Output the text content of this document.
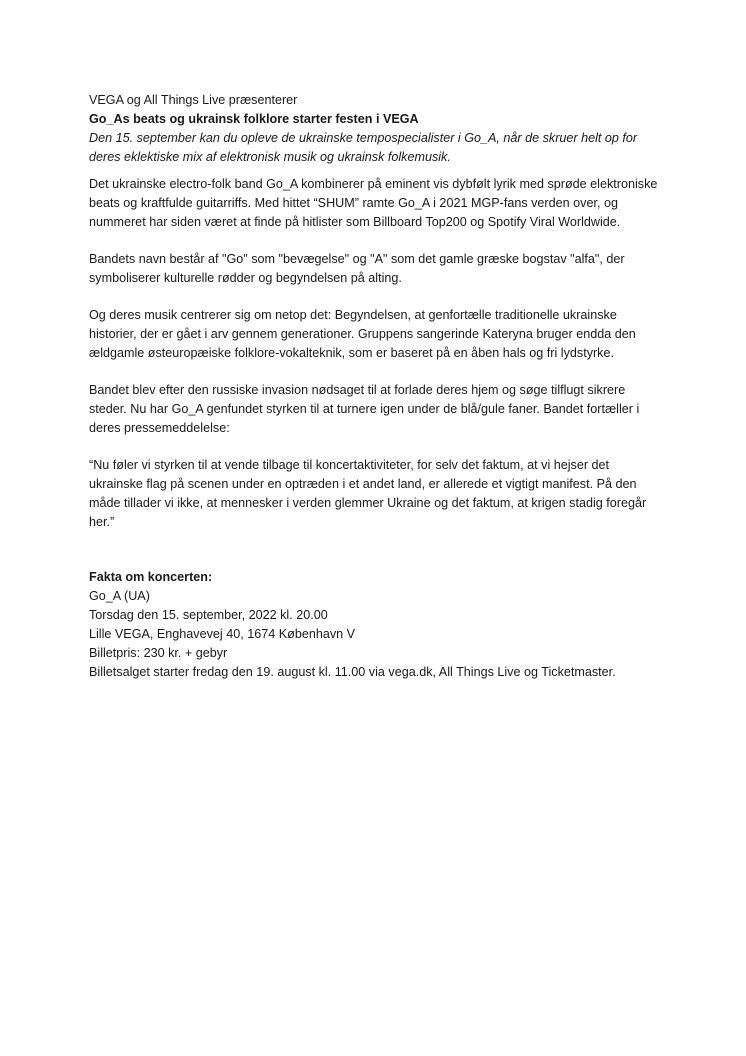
VEGA og All Things Live præsenterer

Go_As beats og ukrainsk folklore starter festen i VEGA

Den 15. september kan du opleve de ukrainske tempospecialister i Go_A, når de skruer helt op for deres eklektiske mix af elektronisk musik og ukrainsk folkemusik.

Det ukrainske electro-folk band Go_A kombinerer på eminent vis dybfølt lyrik med sprøde elektroniske beats og kraftfulde guitarriffs. Med hittet “SHUM” ramte Go_A i 2021 MGP-fans verden over, og nummeret har siden været at finde på hitlister som Billboard Top200 og Spotify Viral Worldwide.

Bandets navn består af "Go" som "bevægelse" og "A" som det gamle græske bogstav "alfa", der symboliserer kulturelle rødder og begyndelsen på alting.

Og deres musik centrerer sig om netop det: Begyndelsen, at genfortælle traditionelle ukrainske historier, der er gået i arv gennem generationer. Gruppens sangerinde Kateryna bruger endda den ældgamle østeuropæiske folklore-vokalteknik, som er baseret på en åben hals og fri lydstyrke.

Bandet blev efter den russiske invasion nødsaget til at forlade deres hjem og søge tilflugt sikrere steder. Nu har Go_A genfundet styrken til at turnere igen under de blå/gule faner. Bandet fortæller i deres pressemeddelelse:

“Nu føler vi styrken til at vende tilbage til koncertaktiviteter, for selv det faktum, at vi hejser det ukrainske flag på scenen under en optræden i et andet land, er allerede et vigtigt manifest. På den måde tillader vi ikke, at mennesker i verden glemmer Ukraine og det faktum, at krigen stadig foregår her.”

Fakta om koncerten:

Go_A (UA)

Torsdag den 15. september, 2022 kl. 20.00

Lille VEGA, Enghavevej 40, 1674 København V

Billetpris: 230 kr. + gebyr

Billetsalget starter fredag den 19. august kl. 11.00 via vega.dk, All Things Live og Ticketmaster.
